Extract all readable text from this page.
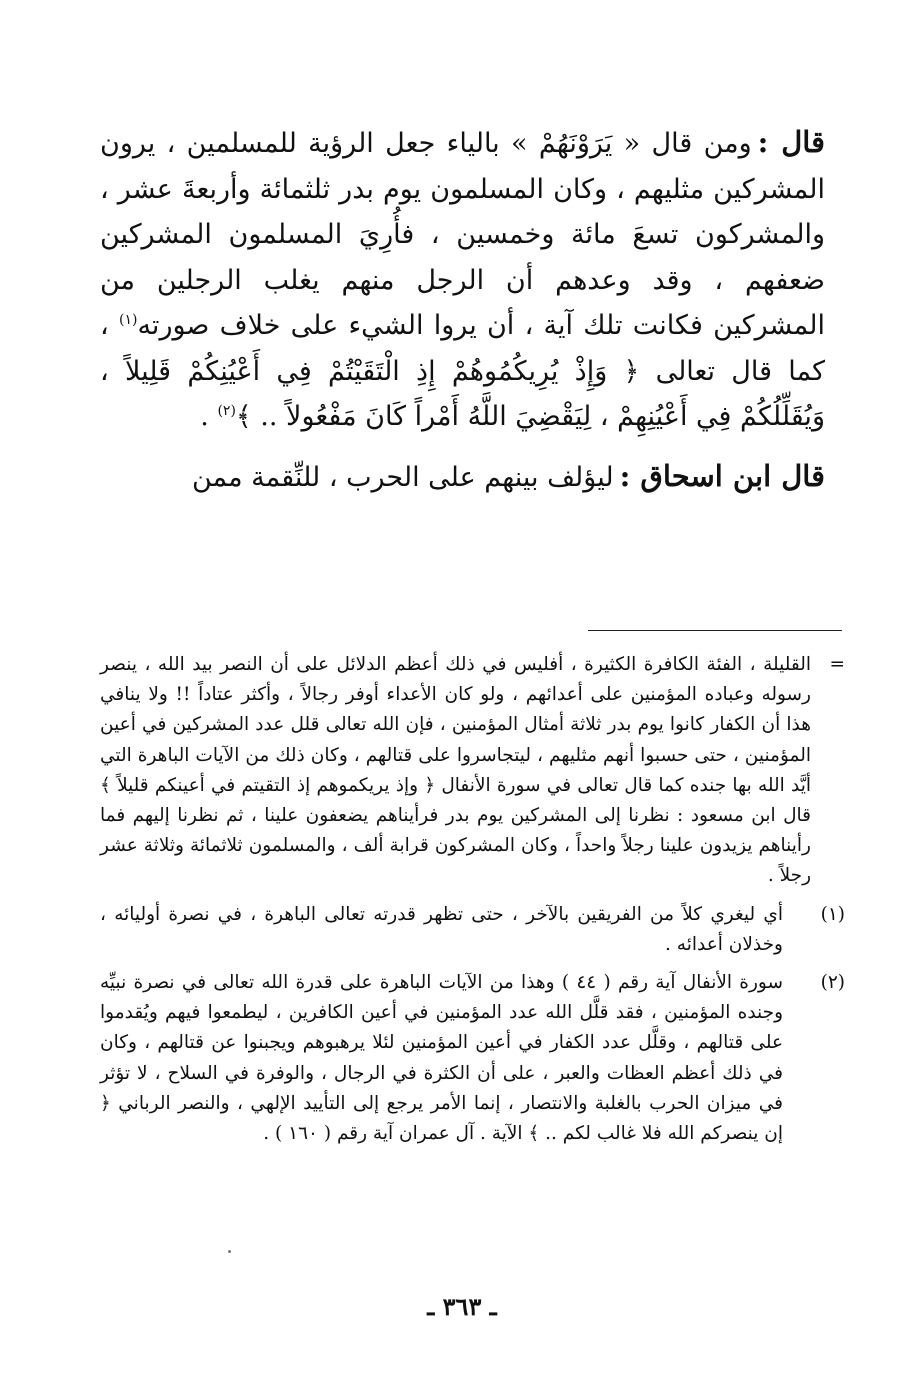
قال :ومن قال « يَرَوْنَهُمْ » بالياء جعل الرؤية للمسلمين ، يرون المشركين مثليهم ، وكان المسلمون يوم بدر ثلثمائة وأربعةَ عشر ، والمشركون تسعَ مائة وخمسين ، فأُرِيَ المسلمون المشركين ضعفهم ، وقد وعدهم أن الرجل منهم يغلب الرجلين من المشركين فكانت تلك آية ، أن يروا الشيء على خلاف صورته$^{(١)}$ ، كما قال تعالى ﴿ وَإِذْ يُرِيكُمُوهُمْ إِذِ الْتَقَيْتُمْ فِي أَعْيُنِكُمْ قَلِيلاً ، وَيُقَلِّلُكُمْ فِي أَعْيُنِهِمْ ، لِيَقْضِيَ اللَّهُ أَمْراً كَانَ مَفْعُولاً .. ﴾$^{(٢)}$ .

قال ابن اسحاق :ليؤلف بينهم على الحرب ، للنِّقمة ممن

=
القليلة ، الفئة الكافرة الكثيرة ، أفليس في ذلك أعظم الدلائل على أن النصر بيد الله ، ينصر رسوله وعباده المؤمنين على أعدائهم ، ولو كان الأعداء أوفر رجالاً ، وأكثر عتاداً !! ولا ينافي هذا أن الكفار كانوا يوم بدر ثلاثة أمثال المؤمنين ، فإن الله تعالى قلل عدد المشركين في أعين المؤمنين ، حتى حسبوا أنهم مثليهم ، ليتجاسروا على قتالهم ، وكان ذلك من الآيات الباهرة التي أيَّد الله بها جنده كما قال تعالى في سورة الأنفال ﴿ وإذ يريكموهم إذ التقيتم في أعينكم قليلاً ﴾ قال ابن مسعود : نظرنا إلى المشركين يوم بدر فرأيناهم يضعفون علينا ، ثم نظرنا إليهم فما رأيناهم يزيدون علينا رجلاً واحداً ، وكان المشركون قرابة ألف ، والمسلمون ثلاثمائة وثلاثة عشر رجلاً .

(١)
أي ليغري كلاً من الفريقين بالآخر ، حتى تظهر قدرته تعالى الباهرة ، في نصرة أوليائه ، وخذلان أعدائه .

(٢)
سورة الأنفال آية رقم ( ٤٤ ) وهذا من الآيات الباهرة على قدرة الله تعالى في نصرة نبيِّه وجنده المؤمنين ، فقد قلَّل الله عدد المؤمنين في أعين الكافرين ، ليطمعوا فيهم ويُقدموا على قتالهم ، وقلَّل عدد الكفار في أعين المؤمنين لئلا يرهبوهم ويجبنوا عن قتالهم ، وكان في ذلك أعظم العظات والعبر ، على أن الكثرة في الرجال ، والوفرة في السلاح ، لا تؤثر في ميزان الحرب بالغلبة والانتصار ، إنما الأمر يرجع إلى التأييد الإلهي ، والنصر الرباني ﴿ إن ينصركم الله فلا غالب لكم .. ﴾ الآية . آل عمران آية رقم ( ١٦٠ ) .

ـ ٣٦٣ ـ
